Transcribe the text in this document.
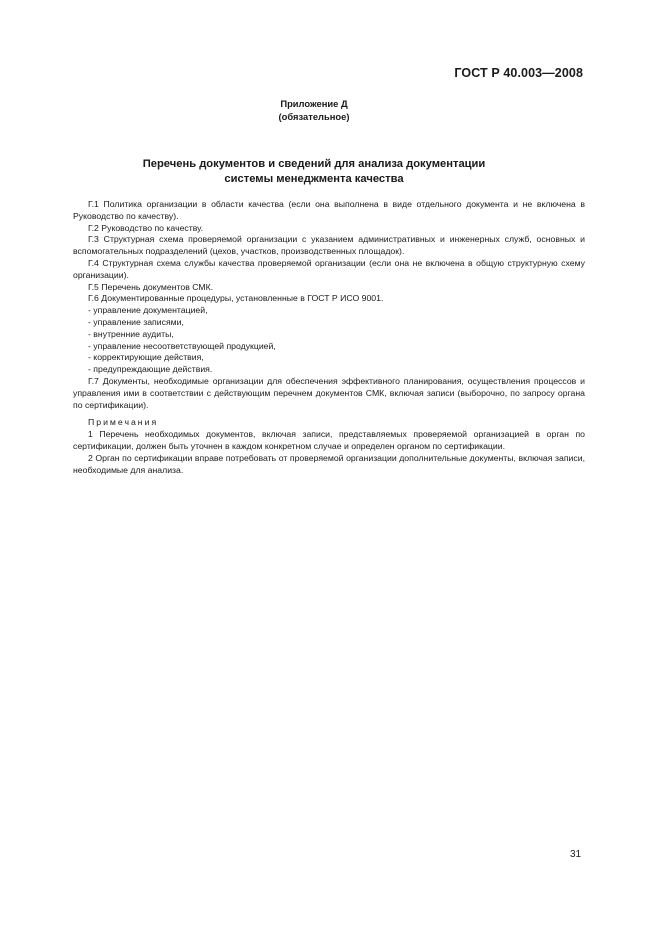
ГОСТ Р 40.003—2008
Приложение Д
(обязательное)
Перечень документов и сведений для анализа документации
системы менеджмента качества

Г.1 Политика организации в области качества (если она выполнена в виде отдельного документа и не включена в Руководство по качеству).

Г.2 Руководство по качеству.

Г.3 Структурная схема проверяемой организации с указанием административных и инженерных служб, основных и вспомогательных подразделений (цехов, участков, производственных площадок).

Г.4 Структурная схема службы качества проверяемой организации (если она не включена в общую структурную схему организации).

Г.5 Перечень документов СМК.

Г.6 Документированные процедуры, установленные в ГОСТ Р ИСО 9001.

- управление документацией,

- управление записями,

- внутренние аудиты,

- управление несоответствующей продукцией,

- корректирующие действия,

- предупреждающие действия.

Г.7 Документы, необходимые организации для обеспечения эффективного планирования, осуществления процессов и управления ими в соответствии с действующим перечнем документов СМК, включая записи (выборочно, по запросу органа по сертификации).

Примечания

1 Перечень необходимых документов, включая записи, представляемых проверяемой организацией в орган по сертификации, должен быть уточнен в каждом конкретном случае и определен органом по сертификации.

2 Орган по сертификации вправе потребовать от проверяемой организации дополнительные документы, включая записи, необходимые для анализа.

31
